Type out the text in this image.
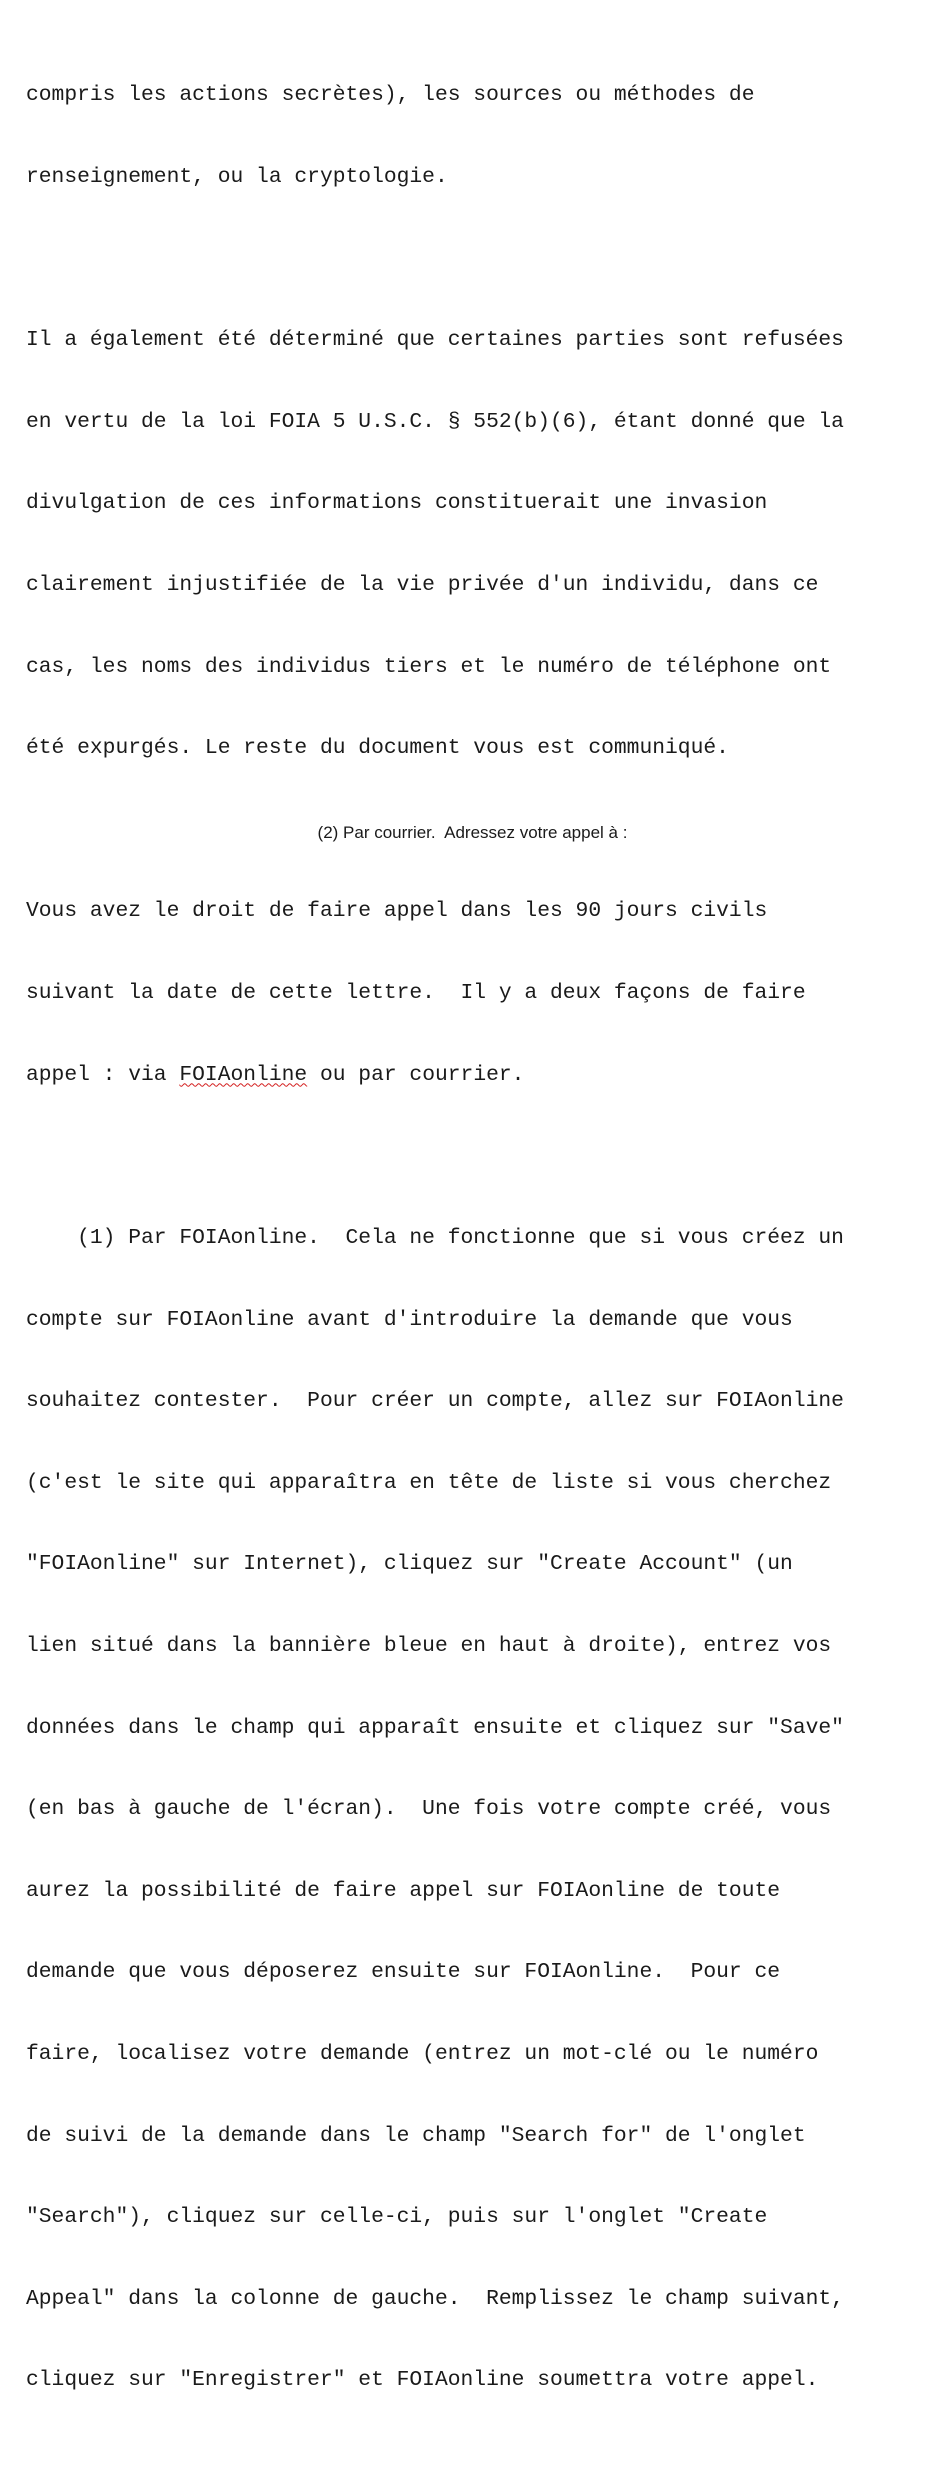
compris les actions secrètes), les sources ou méthodes de

renseignement, ou la cryptologie.

Il a également été déterminé que certaines parties sont refusées

en vertu de la loi FOIA 5 U.S.C. § 552(b)(6), étant donné que la

divulgation de ces informations constituerait une invasion

clairement injustifiée de la vie privée d'un individu, dans ce

cas, les noms des individus tiers et le numéro de téléphone ont

été expurgés. Le reste du document vous est communiqué.

Vous avez le droit de faire appel dans les 90 jours civils

suivant la date de cette lettre.  Il y a deux façons de faire

appel : via FOIAonline ou par courrier.

(1) Par FOIAonline.  Cela ne fonctionne que si vous créez un

compte sur FOIAonline avant d'introduire la demande que vous

souhaitez contester.  Pour créer un compte, allez sur FOIAonline

(c'est le site qui apparaîtra en tête de liste si vous cherchez

"FOIAonline" sur Internet), cliquez sur "Create Account" (un

lien situé dans la bannière bleue en haut à droite), entrez vos

données dans le champ qui apparaît ensuite et cliquez sur "Save"

(en bas à gauche de l'écran).  Une fois votre compte créé, vous

aurez la possibilité de faire appel sur FOIAonline de toute

demande que vous déposerez ensuite sur FOIAonline.  Pour ce

faire, localisez votre demande (entrez un mot-clé ou le numéro

de suivi de la demande dans le champ "Search for" de l'onglet

"Search"), cliquez sur celle-ci, puis sur l'onglet "Create

Appeal" dans la colonne de gauche.  Remplissez le champ suivant,

cliquez sur "Enregistrer" et FOIAonline soumettra votre appel.

(2) Par courrier.  Adressez votre appel à :
